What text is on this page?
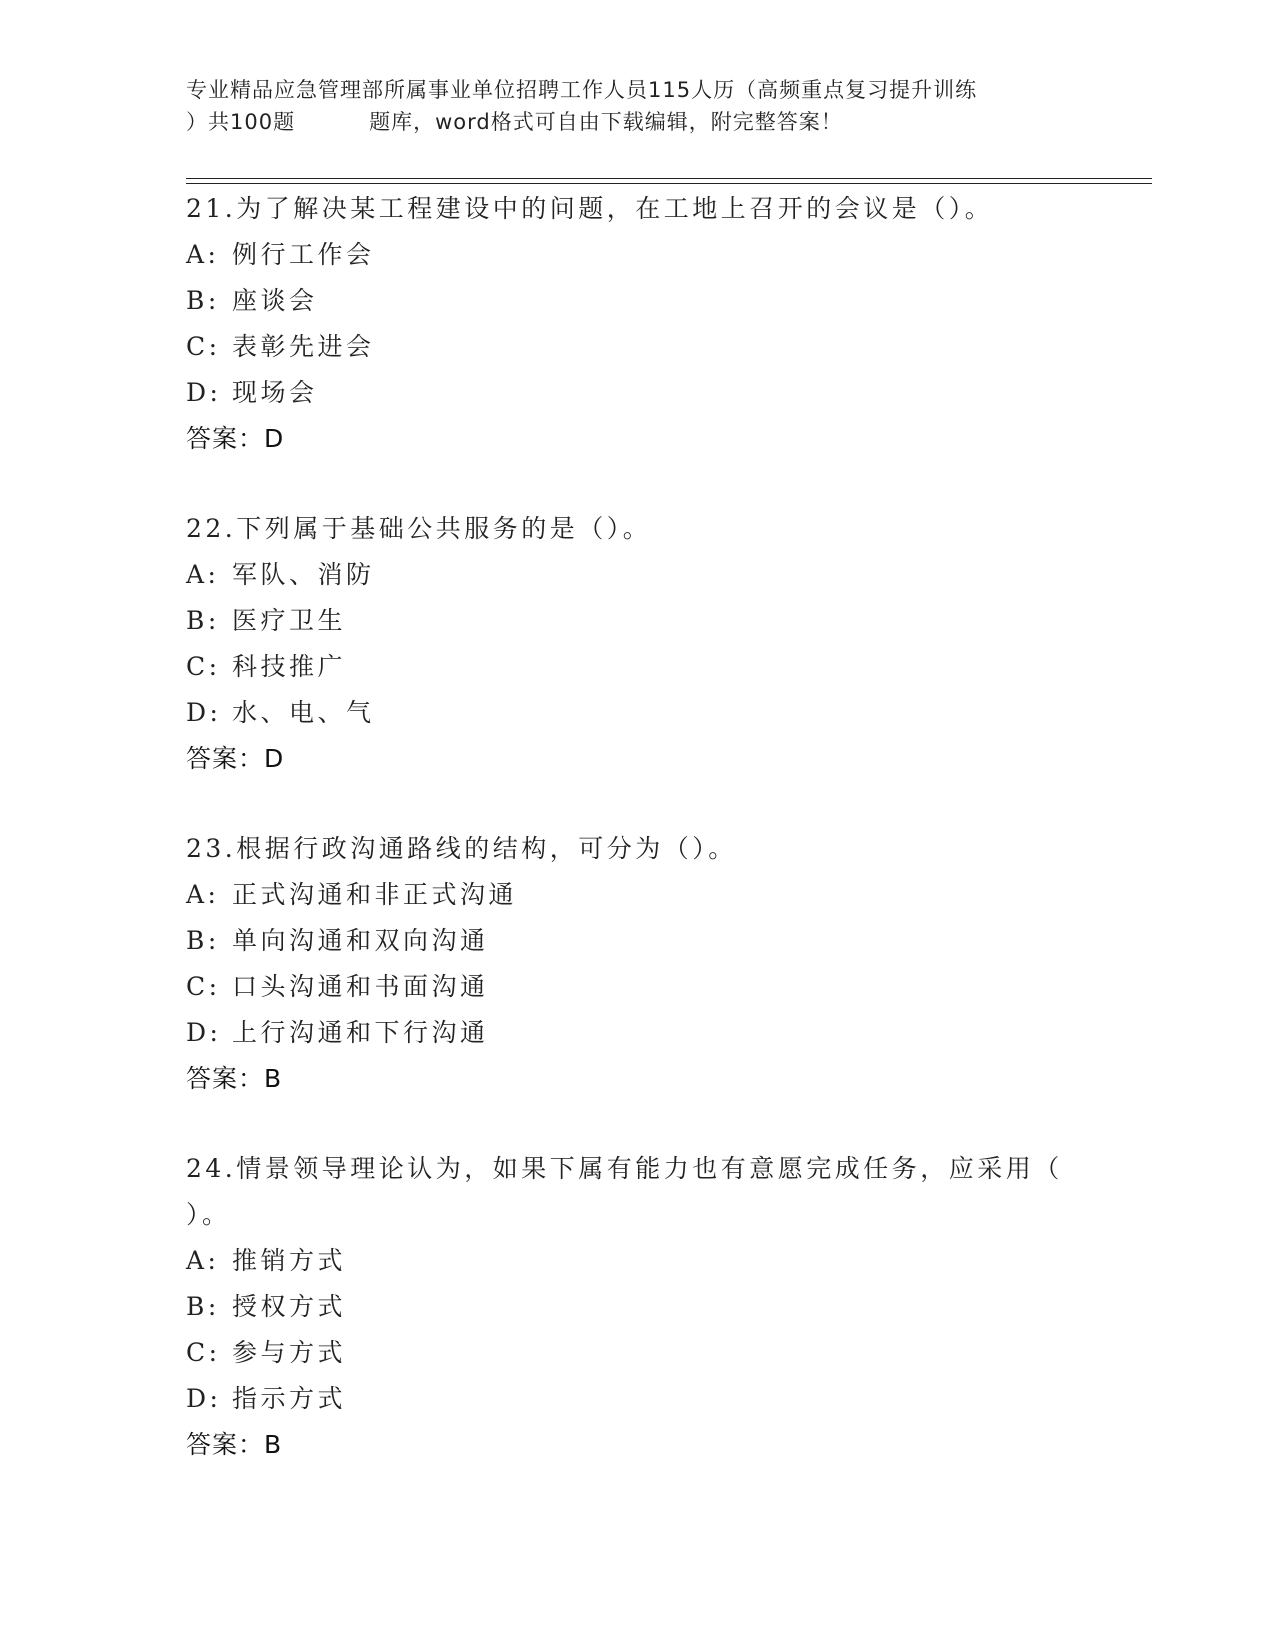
专业精品应急管理部所属事业单位招聘工作人员115人历（高频重点复习提升训练
）共100题	题库，word格式可自由下载编辑，附完整答案！
21.为了解决某工程建设中的问题，在工地上召开的会议是（）。
A: 例行工作会
B: 座谈会
C: 表彰先进会
D: 现场会
答案：D
22.下列属于基础公共服务的是（）。
A: 军队、消防
B: 医疗卫生
C: 科技推广
D: 水、电、气
答案：D
23.根据行政沟通路线的结构，可分为（）。
A: 正式沟通和非正式沟通
B: 单向沟通和双向沟通
C: 口头沟通和书面沟通
D: 上行沟通和下行沟通
答案：B
24.情景领导理论认为，如果下属有能力也有意愿完成任务，应采用（
）。
A: 推销方式
B: 授权方式
C: 参与方式
D: 指示方式
答案：B
